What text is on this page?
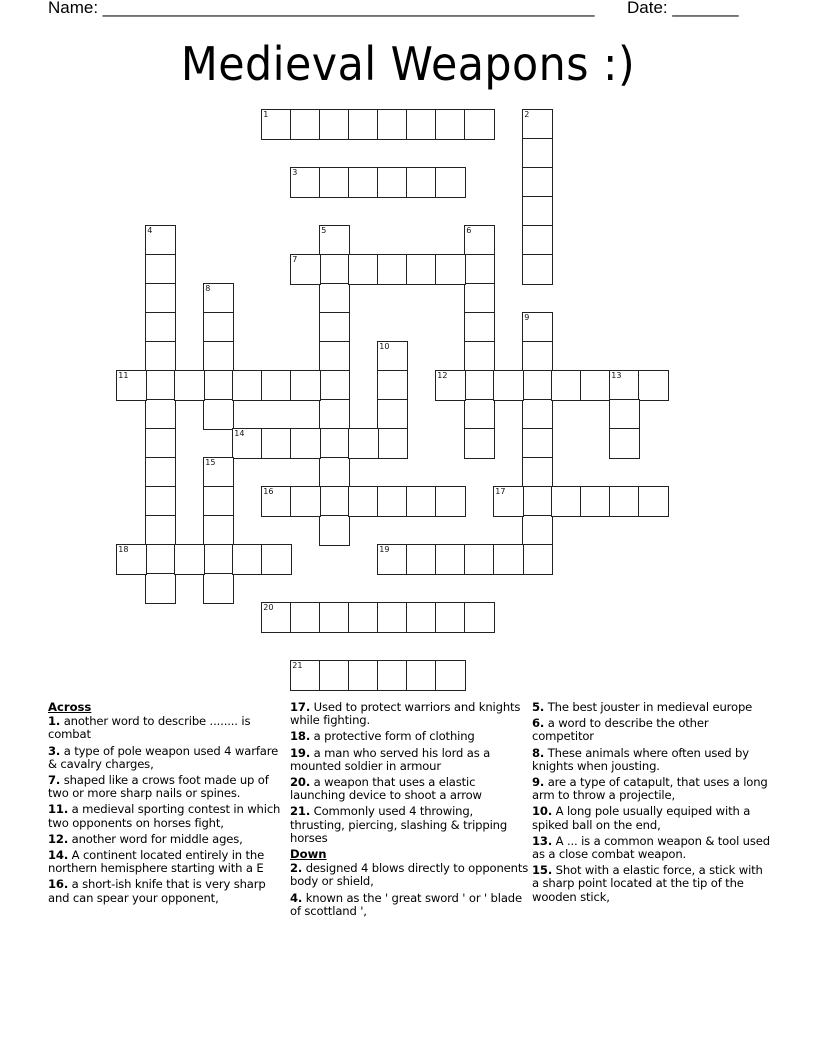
Name: ____________________________________________________ Date: _______
Medieval Weapons :)
1	2
3
4	5	6
7
8
9
10
11	12	13
14
15
16	17
18	19
20
21
Across
1. another word to describe ........ is combat
3. a type of pole weapon used 4 warfare & cavalry charges,
7. shaped like a crows foot made up of two or more sharp nails or spines.
11. a medieval sporting contest in which two opponents on horses fight,
12. another word for middle ages,
14. A continent located entirely in the northern hemisphere starting with a E
16. a short-ish knife that is very sharp and can spear your opponent,
17. Used to protect warriors and knights while fighting.
18. a protective form of clothing
19. a man who served his lord as a mounted soldier in armour
20. a weapon that uses a elastic launching device to shoot a arrow
21. Commonly used 4 throwing, thrusting, piercing, slashing & tripping horses
Down
2. designed 4 blows directly to opponents body or shield,
4. known as the ' great sword ' or ' blade of scottland ',
5. The best jouster in medieval europe
6. a word to describe the other competitor
8. These animals where often used by knights when jousting.
9. are a type of catapult, that uses a long arm to throw a projectile,
10. A long pole usually equiped with a spiked ball on the end,
13. A ... is a common weapon & tool used as a close combat weapon.
15. Shot with a elastic force, a stick with a sharp point located at the tip of the wooden stick,
